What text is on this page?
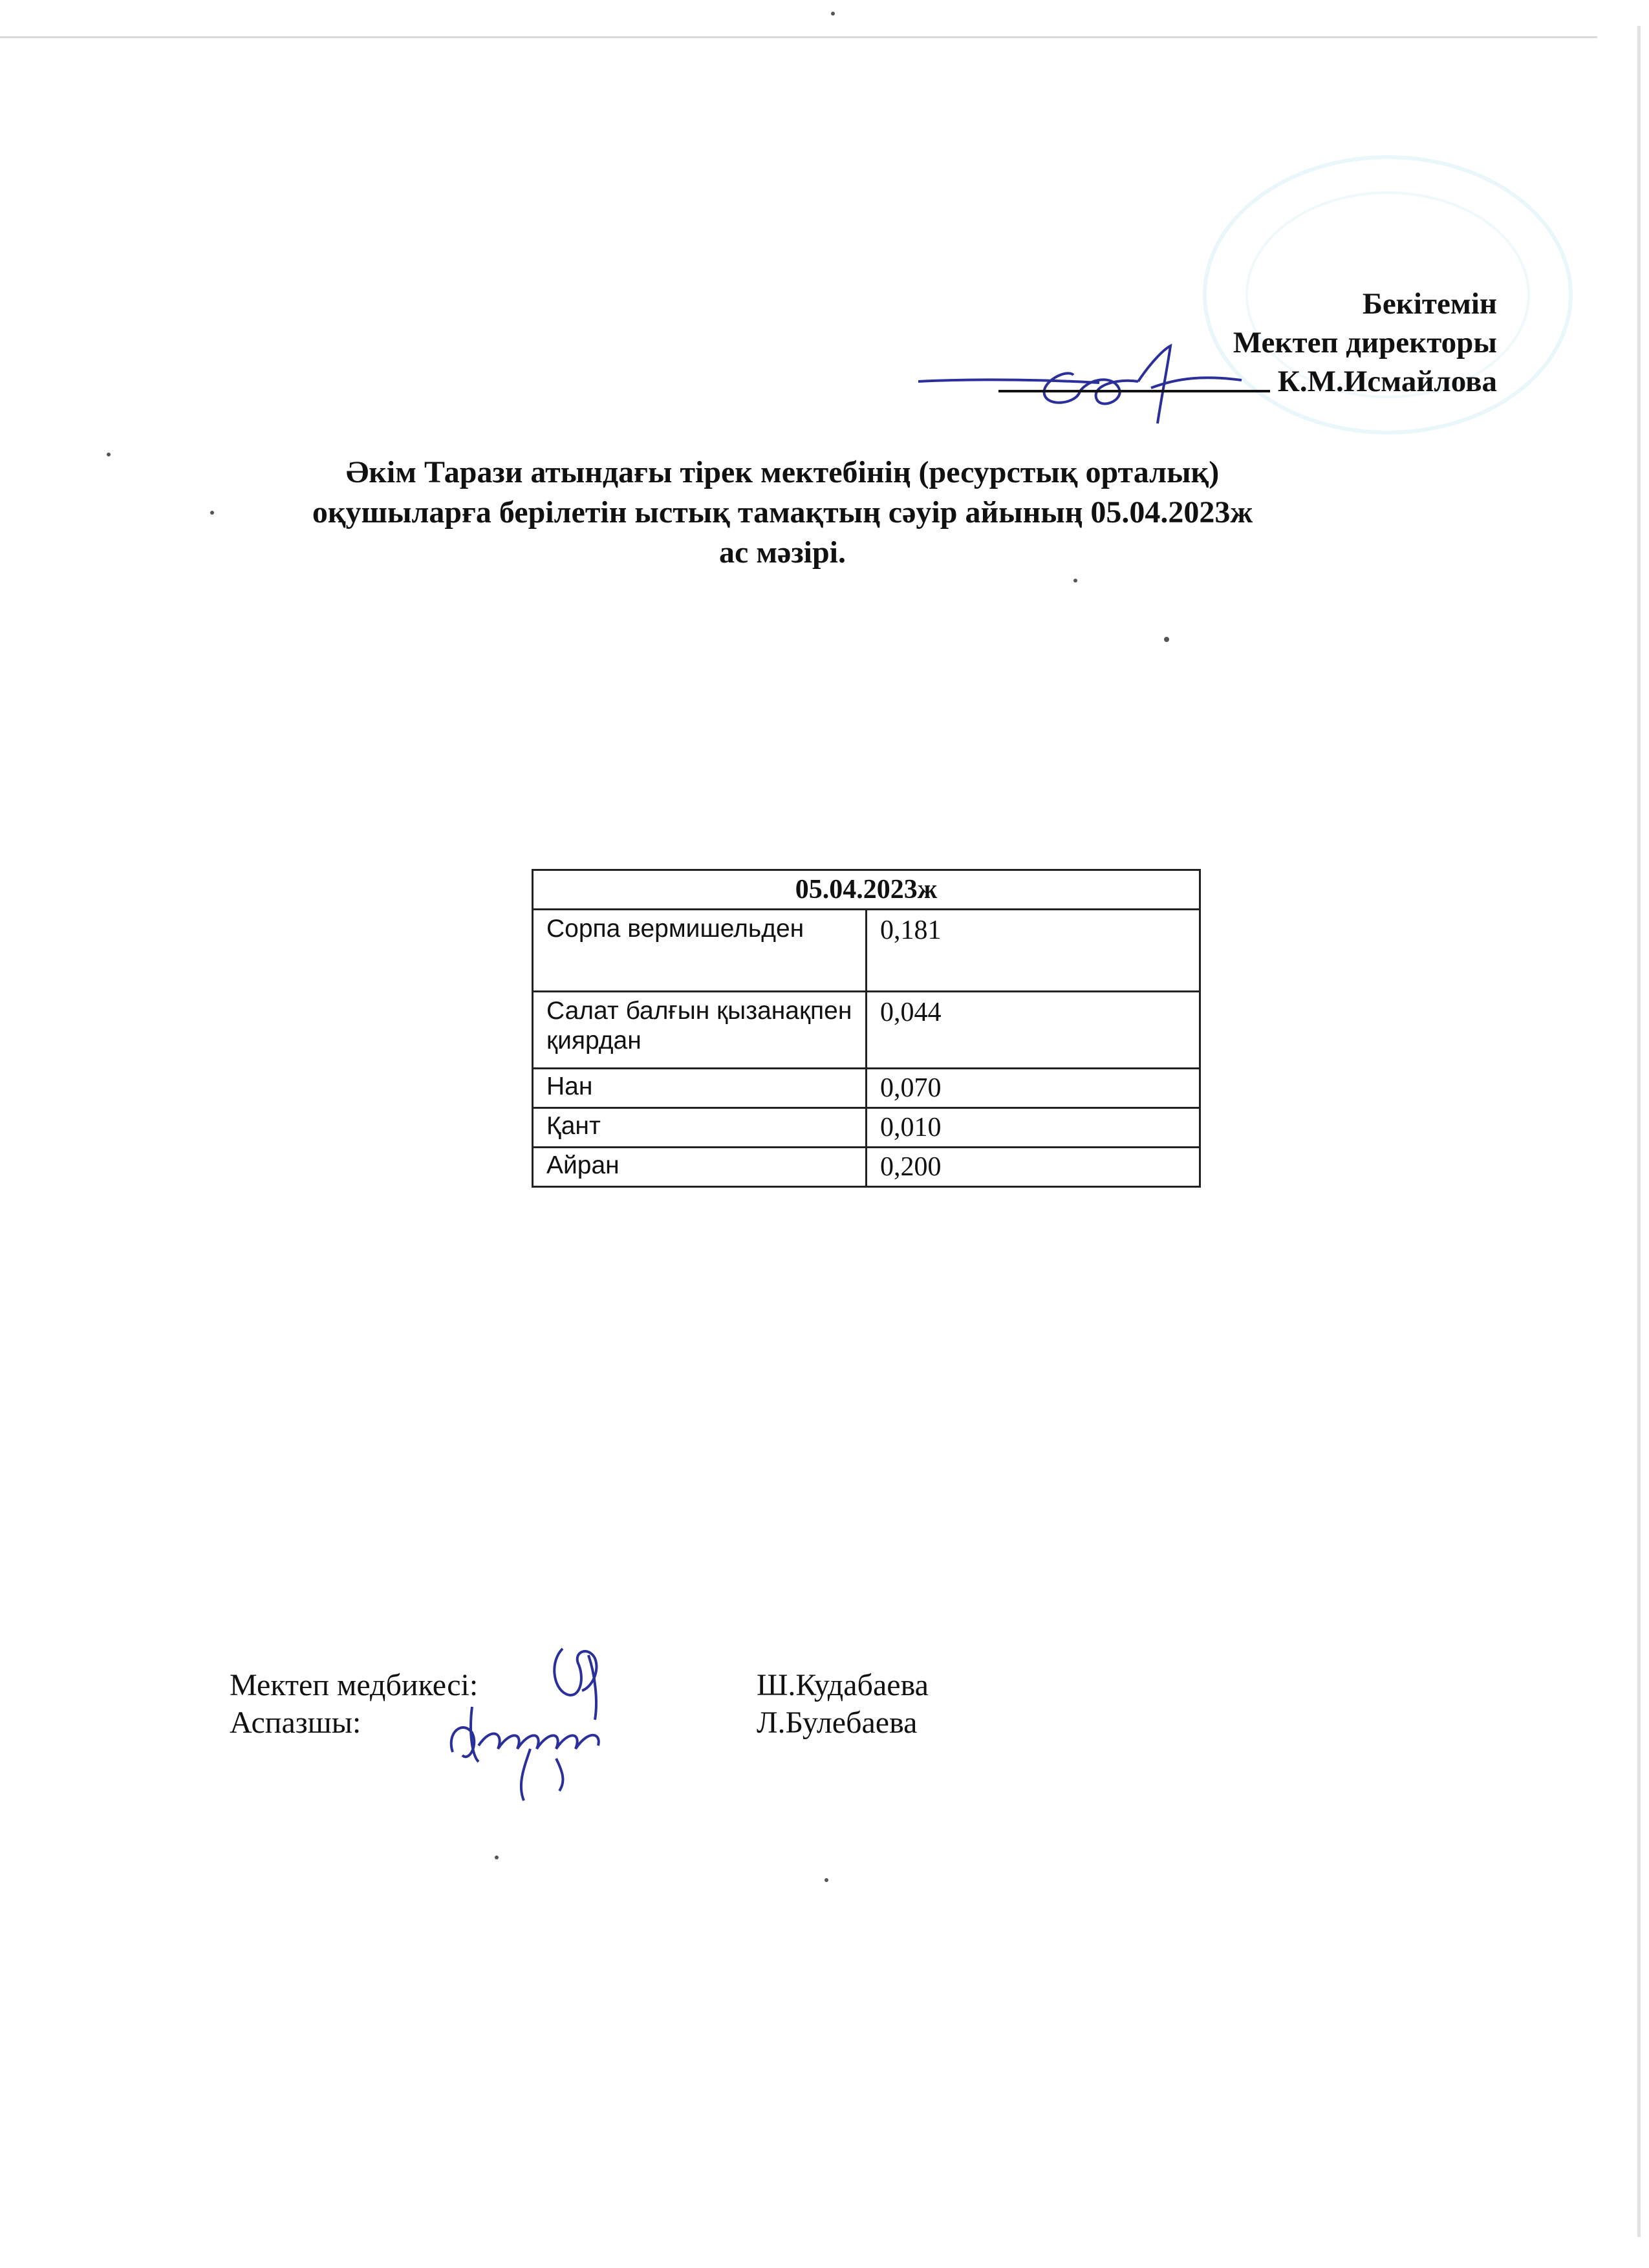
Бекітемін
Мектеп директоры
К.М.Исмайлова
Әкім Тарази атындағы тірек мектебінің (ресурстық орталық)
оқушыларға берілетін ыстық тамақтың сәуір айының 05.04.2023ж
ас мәзірі.
05.04.2023ж	
Сорпа вермишельден	0,181
Салат балғын қызанақпен қиярдан	0,044
Нан	0,070
Қант	0,010
Айран	0,200
Мектеп медбикесі:
Аспазшы:
Ш.Кудабаева
Л.Булебаева
